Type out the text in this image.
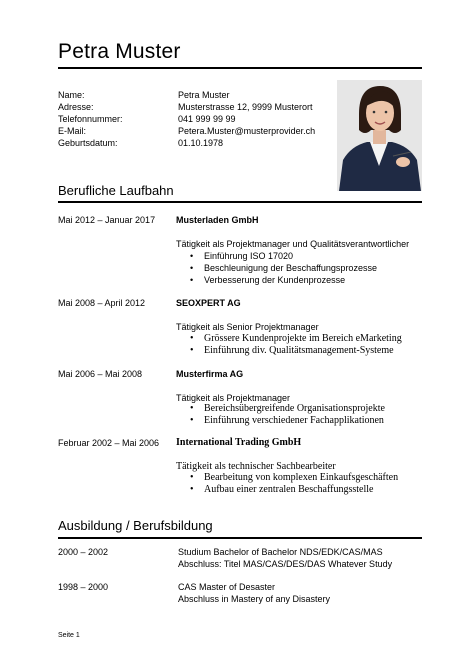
Petra Muster
Name:	Petra Muster
Adresse:	Musterstrasse 12, 9999 Musterort
Telefonnummer:	041 999 99 99
E-Mail:	Petera.Muster@musterprovider.ch
Geburtsdatum:	01.10.1978
Berufliche Laufbahn
Mai 2012 – Januar 2017 Musterladen GmbH
Tätigkeit als Projektmanager und Qualitätsverantwortlicher
• Einführung ISO 17020
• Beschleunigung der Beschaffungsprozesse
• Verbesserung der Kundenprozesse
Mai 2008 – April 2012	SEOXPERT AG
Tätigkeit als Senior Projektmanager
• Grössere Kundenprojekte im Bereich eMarketing
• Einführung div. Qualitätsmanagement-Systeme
Mai 2006 – Mai 2008	Musterfirma AG
Tätigkeit als Projektmanager
• Bereichsübergreifende Organisationsprojekte
• Einführung verschiedener Fachapplikationen
Februar 2002 – Mai 2006 International Trading GmbH
Tätigkeit als technischer Sachbearbeiter
• Bearbeitung von komplexen Einkaufsgeschäften
• Aufbau einer zentralen Beschaffungsstelle
Ausbildung / Berufsbildung
2000 – 2002	Studium Bachelor of Bachelor NDS/EDK/CAS/MAS
Abschluss: Titel MAS/CAS/DES/DAS Whatever Study
1998 – 2000	CAS Master of Desaster
Abschluss in Mastery of any Disastery
Seite 1
